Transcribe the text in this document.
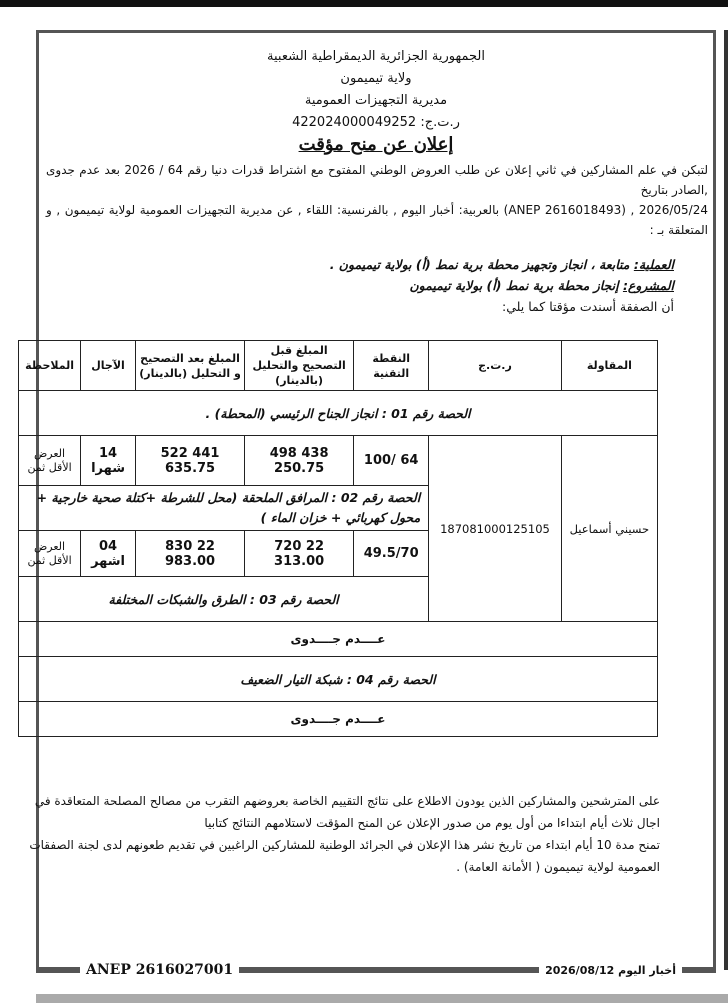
الجمهورية الجزائرية الديمقراطية الشعبية
ولاية تيميمون
مديرية التجهيزات العمومية
ر.ت.ج: 422024000049252
إعلان عن منح مؤقت
لتبكن في علم المشاركين في ثاني إعلان عن طلب العروض الوطني المفتوح مع اشتراط قدرات دنيا رقم 64 / 2026 بعد عدم جدوى ,الصادر بتاريخ
2026/05/24 , (2616018493 ANEP) بالعربية: أخبار اليوم , بالفرنسية: اللقاء , عن مديرية التجهيزات العمومية لولاية تيميمون , و المتعلقة بـ :
العملية: متابعة ، انجاز وتجهيز محطة برية نمط (أ) بولاية تيميمون .
المشروع: إنجاز محطة برية نمط (أ) بولاية تيميمون
أن الصفقة أسندت مؤقتا كما يلي:
المقاولة	ر.ت.ج	النقطة التقنية	المبلغ قبل التصحيح والتحليل (بالدينار)	المبلغ بعد التصحيح و التحليل (بالدينار)	الآجال	الملاحظة
الحصة رقم 01 : انجاز الجناح الرئيسي (المحطة) .						
حسيني أسماعيل	187081000125105	64 /100	438 498 250.75	441 522 635.75	14 شهرا	العرض الأقل ثمن
		الحصة رقم 02 : المرافق الملحقة (محل للشرطة +كتلة صحية خارجية + محول كهربائي + خزان الماء )				
		49.5/70	22 720 313.00	22 830 983.00	04 اشهر	العرض الأقل ثمن
		الحصة رقم 03 : الطرق والشبكات المختلفة				
عــــدم جــــدوى						
الحصة رقم 04 : شبكة التيار الضعيف						
عــــدم جــــدوى						

على المترشحين والمشاركين الذين يودون الاطلاع على نتائج التقييم الخاصة بعروضهم التقرب من مصالح المصلحة المتعاقدة في اجال ثلاث أيام ابتداءا من أول يوم من صدور الإعلان عن المنح المؤقت لاستلامهم النتائج كتابيا

تمنح مدة 10 أيام ابتداء من تاريخ نشر هذا الإعلان في الجرائد الوطنية للمشاركين الراغبين في تقديم طعونهم لدى لجنة الصفقات العمومية لولاية تيميمون ( الأمانة العامة) .

ANEP 2616027001	أخبار اليوم 2026/08/12
